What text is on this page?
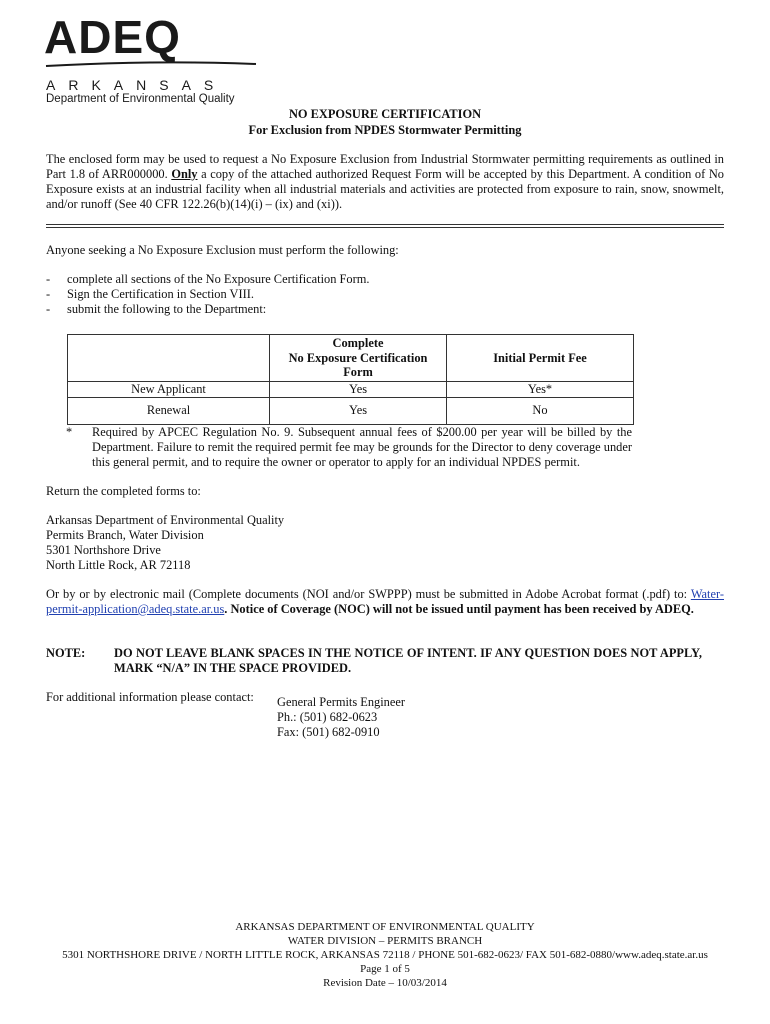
ADEQ
ARKANSAS
Department of Environmental Quality
NO EXPOSURE CERTIFICATION
For Exclusion from NPDES Stormwater Permitting
The enclosed form may be used to request a No Exposure Exclusion from Industrial Stormwater permitting requirements as outlined in Part 1.8 of ARR000000. Only a copy of the attached authorized Request Form will be accepted by this Department. A condition of No Exposure exists at an industrial facility when all industrial materials and activities are protected from exposure to rain, snow, snowmelt, and/or runoff (See 40 CFR 122.26(b)(14)(i) – (ix) and (xi)).
Anyone seeking a No Exposure Exclusion must perform the following:
- complete all sections of the No Exposure Certification Form.
- Sign the Certification in Section VIII.
- submit the following to the Department:

	Complete
No Exposure Certification
Form	Initial Permit Fee
New Applicant	Yes	Yes*
Renewal	Yes	No
* Required by APCEC Regulation No. 9. Subsequent annual fees of $200.00 per year will be billed by the Department. Failure to remit the required permit fee may be grounds for the Director to deny coverage under this general permit, and to require the owner or operator to apply for an individual NPDES permit.
Return the completed forms to:
Arkansas Department of Environmental Quality
Permits Branch, Water Division
5301 Northshore Drive
North Little Rock, AR 72118
Or by or by electronic mail (Complete documents (NOI and/or SWPPP) must be submitted in Adobe Acrobat format (.pdf) to: Water-permit-application@adeq.state.ar.us. Notice of Coverage (NOC) will not be issued until payment has been received by ADEQ.
NOTE: DO NOT LEAVE BLANK SPACES IN THE NOTICE OF INTENT. IF ANY QUESTION DOES NOT APPLY, MARK “N/A” IN THE SPACE PROVIDED.
For additional information please contact: General Permits Engineer
Ph.: (501) 682-0623
Fax: (501) 682-0910
ARKANSAS DEPARTMENT OF ENVIRONMENTAL QUALITY
WATER DIVISION – PERMITS BRANCH
5301 NORTHSHORE DRIVE / NORTH LITTLE ROCK, ARKANSAS 72118 / PHONE 501-682-0623/ FAX 501-682-0880/www.adeq.state.ar.us
Page 1 of 5
Revision Date – 10/03/2014
